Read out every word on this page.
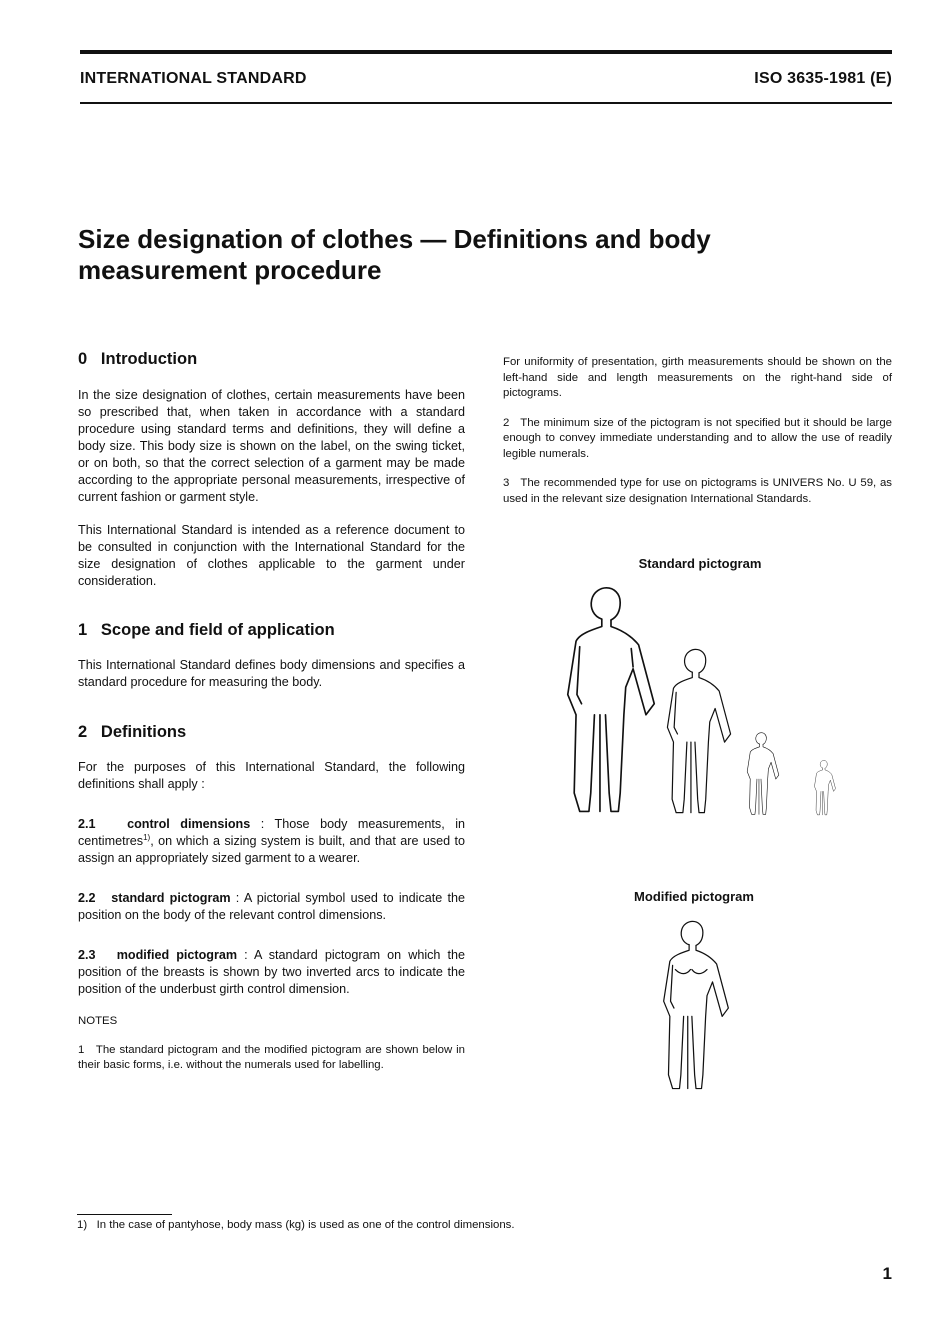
INTERNATIONAL STANDARD	ISO 3635-1981 (E)
Size designation of clothes — Definitions and body
measurement procedure
0   Introduction

In the size designation of clothes, certain measurements have been so prescribed that, when taken in accordance with a standard procedure using standard terms and definitions, they will define a body size. This body size is shown on the label, on the swing ticket, or on both, so that the correct selection of a garment may be made according to the appropriate personal measurements, irrespective of current fashion or garment style.

This International Standard is intended as a reference document to be consulted in conjunction with the International Standard for the size designation of clothes applicable to the garment under consideration.

1   Scope and field of application

This International Standard defines body dimensions and specifies a standard procedure for measuring the body.

2   Definitions

For the purposes of this International Standard, the following definitions shall apply :

2.1	control dimensions : Those body measurements, in centimetres$^{1)}$, on which a sizing system is built, and that are used to assign an appropriately sized garment to a wearer.

2.2 standard pictogram : A pictorial symbol used to indicate the position on the body of the relevant control dimensions.

2.3 modified pictogram : A standard pictogram on which the position of the breasts is shown by two inverted arcs to indicate the position of the underbust girth control dimension.

NOTES

1   The standard pictogram and the modified pictogram are shown below in their basic forms, i.e. without the numerals used for labelling.

For uniformity of presentation, girth measurements should be shown on the left-hand side and length measurements on the right-hand side of pictograms.

2   The minimum size of the pictogram is not specified but it should be large enough to convey immediate understanding and to allow the use of readily legible numerals.

3   The recommended type for use on pictograms is UNIVERS No. U 59, as used in the relevant size designation International Standards.

Standard pictogram
Modified pictogram
1)   In the case of pantyhose, body mass (kg) is used as one of the control dimensions.
1
